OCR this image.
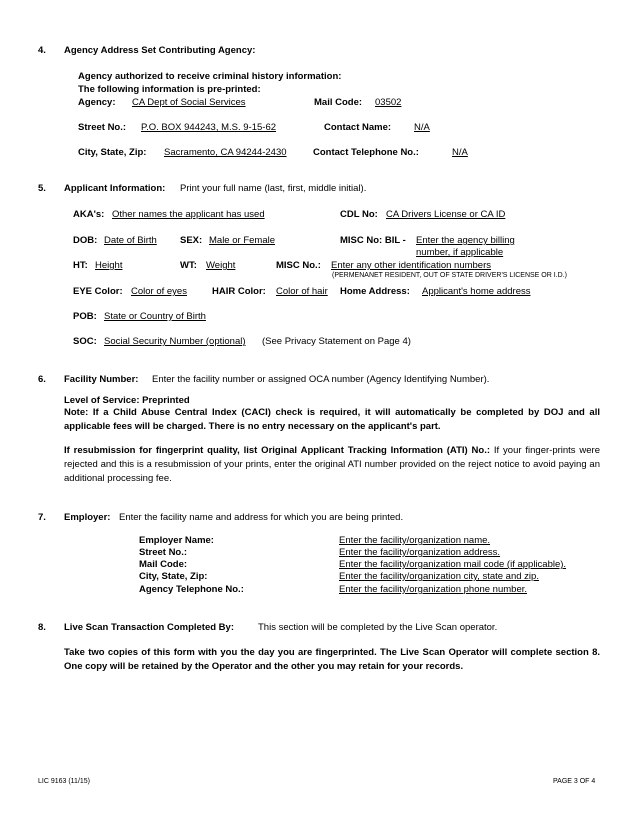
4. Agency Address Set Contributing Agency:
Agency authorized to receive criminal history information:
The following information is pre-printed:
Agency: CA Dept of Social Services	Mail Code: 03502
Street No.: P.O. BOX 944243, M.S. 9-15-62	Contact Name: N/A
City, State, Zip: Sacramento, CA 94244-2430	Contact Telephone No.:	N/A
5. Applicant Information: Print your full name (last, first, middle initial).
AKA's: Other names the applicant has used	CDL No: CA Drivers License or CA ID
DOB: Date of Birth SEX: Male or Female	MISC No: BIL - Enter the agency billing
number, if applicable
HT: Height	WT: Weight	MISC No.: Enter any other identification numbers
(PERMENANET RESIDENT, OUT OF STATE DRIVER'S LICENSE OR I.D.)
EYE Color: Color of eyes	HAIR Color: Color of hair Home Address: Applicant's home address
POB: State or Country of Birth
SOC: Social Security Number (optional) (See Privacy Statement on Page 4)
6. Facility Number: Enter the facility number or assigned OCA number (Agency Identifying Number).
Level of Service: Preprinted
Note: If a Child Abuse Central Index (CACI) check is required, it will automatically be completed by DOJ and all applicable fees will be charged. There is no entry necessary on the applicant's part.
If resubmission for fingerprint quality, list Original Applicant Tracking Information (ATI) No.: If your finger-prints were rejected and this is a resubmission of your prints, enter the original ATI number provided on the reject notice to avoid paying an additional processing fee.
7. Employer: Enter the facility name and address for which you are being printed.
Employer Name:	Enter the facility/organization name.
Street No.:	Enter the facility/organization address.
Mail Code:	Enter the facility/organization mail code (if applicable).
City, State, Zip:	Enter the facility/organization city, state and zip.
Agency Telephone No.:	Enter the facility/organization phone number.
8. Live Scan Transaction Completed By:	This section will be completed by the Live Scan operator.
Take two copies of this form with you the day you are fingerprinted. The Live Scan Operator will complete section 8. One copy will be retained by the Operator and the other you may retain for your records.
LIC 9163 (11/15)	PAGE 3 OF 4
